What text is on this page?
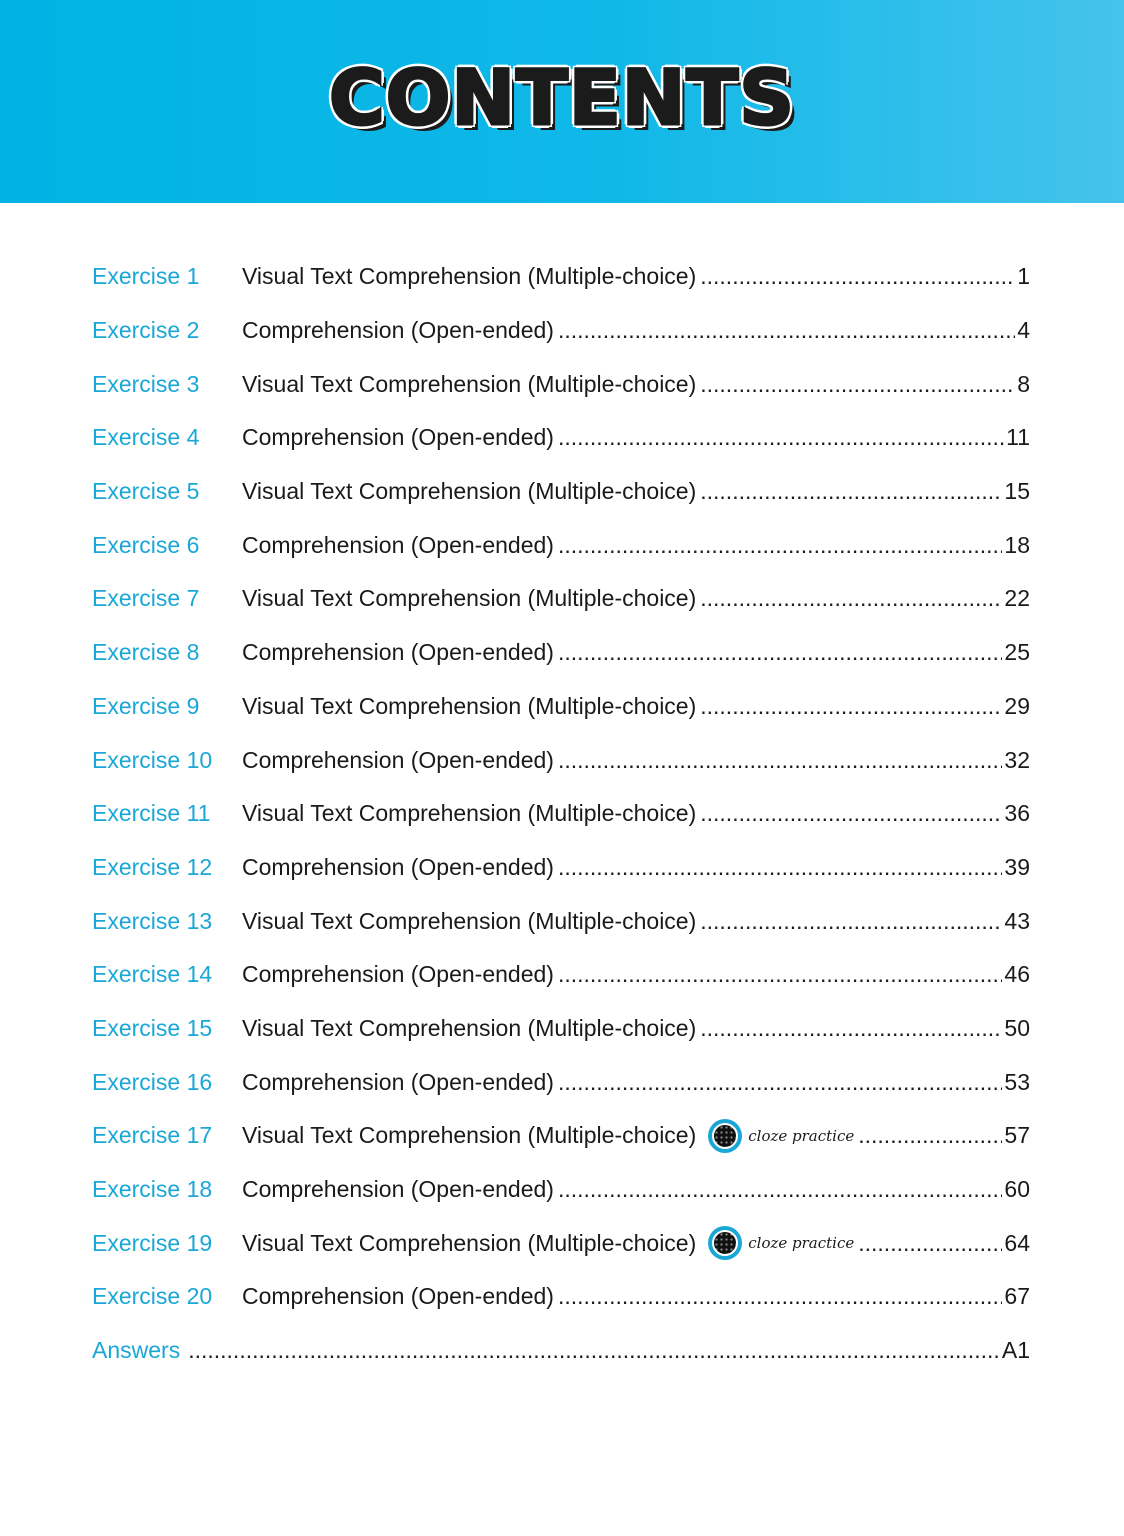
CONTENTS
Exercise 1	Visual Text Comprehension (Multiple-choice) .....	1
Exercise 2	Comprehension (Open-ended) .....	4
Exercise 3	Visual Text Comprehension (Multiple-choice) .....	8
Exercise 4	Comprehension (Open-ended) .....	11
Exercise 5	Visual Text Comprehension (Multiple-choice) .....	15
Exercise 6	Comprehension (Open-ended) .....	18
Exercise 7	Visual Text Comprehension (Multiple-choice) .....	22
Exercise 8	Comprehension (Open-ended) .....	25
Exercise 9	Visual Text Comprehension (Multiple-choice) .....	29
Exercise 10	Comprehension (Open-ended) .....	32
Exercise 11	Visual Text Comprehension (Multiple-choice) .....	36
Exercise 12	Comprehension (Open-ended) .....	39
Exercise 13	Visual Text Comprehension (Multiple-choice) .....	43
Exercise 14	Comprehension (Open-ended) .....	46
Exercise 15	Visual Text Comprehension (Multiple-choice) .....	50
Exercise 16	Comprehension (Open-ended) .....	53
Exercise 17	Visual Text Comprehension (Multiple-choice)	cloze practice .....	57
Exercise 18	Comprehension (Open-ended) .....	60
Exercise 19	Visual Text Comprehension (Multiple-choice)	cloze practice .....	64
Exercise 20	Comprehension (Open-ended) .....	67
Answers .....	A1
